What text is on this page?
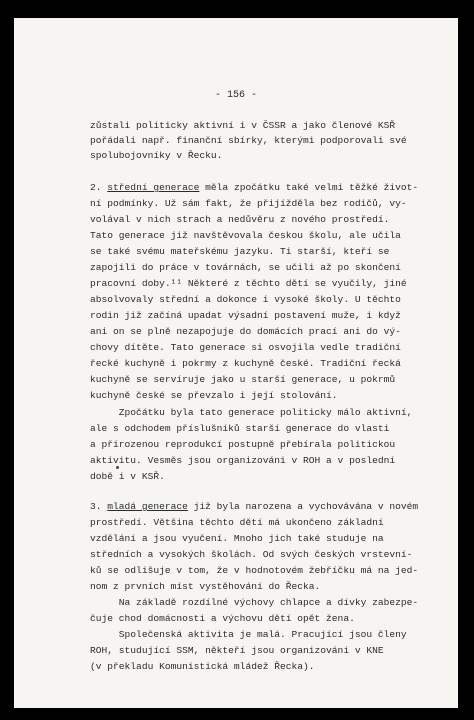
- 156 -
zůstali politicky aktivní i v ČSSR a jako členové KSŘ
pořádali např. finanční sbírky, kterými podporovali své
spolubojovníky v Řecku.
2. střední generace měla zpočátku také velmi těžké život-
ní podmínky. Už sám fakt, že přijížděla bez rodičů, vy-
volával v nich strach a nedůvěru z nového prostředí.
Tato generace již navštěvovala českou školu, ale učila
se také svému mateřskému jazyku. Ti starší, kteří se
zapojili do práce v továrnách, se učili až po skončení
pracovní doby.¹¹ Některé z těchto dětí se vyučily, jiné
absolvovaly střední a dokonce i vysoké školy. U těchto
rodin již začíná upadat výsadní postavení muže, i když
ani on se plně nezapojuje do domácích prací ani do vý-
chovy dítěte. Tato generace si osvojila vedle tradiční
řecké kuchyně i pokrmy z kuchyně české. Tradiční řecká
kuchyně se servíruje jako u starší generace, u pokrmů
kuchyně české se převzalo i její stolování.
Zpočátku byla tato generace politicky málo aktivní,
ale s odchodem příslušníků starší generace do vlasti
a přirozenou reprodukcí postupně přebírala politickou
aktivitu. Vesměs jsou organizováni v ROH a v poslední
době i v KSŘ.
3. mladá generace již byla narozena a vychovávána v novém
prostředí. Většina těchto dětí má ukončeno základní
vzdělání a jsou vyučení. Mnoho jich také studuje na
středních a vysokých školách. Od svých českých vrstevní-
ků se odlišuje v tom, že v hodnotovém žebříčku má na jed-
nom z prvních míst vystěhování do Řecka.
Na základě rozdílné výchovy chlapce a dívky zabezpe-
čuje chod domácnosti a výchovu dětí opět žena.
Společenská aktivita je malá. Pracující jsou členy
ROH, studující SSM, někteří jsou organizováni v KNE
(v překladu Komunistická mládež Řecka).
